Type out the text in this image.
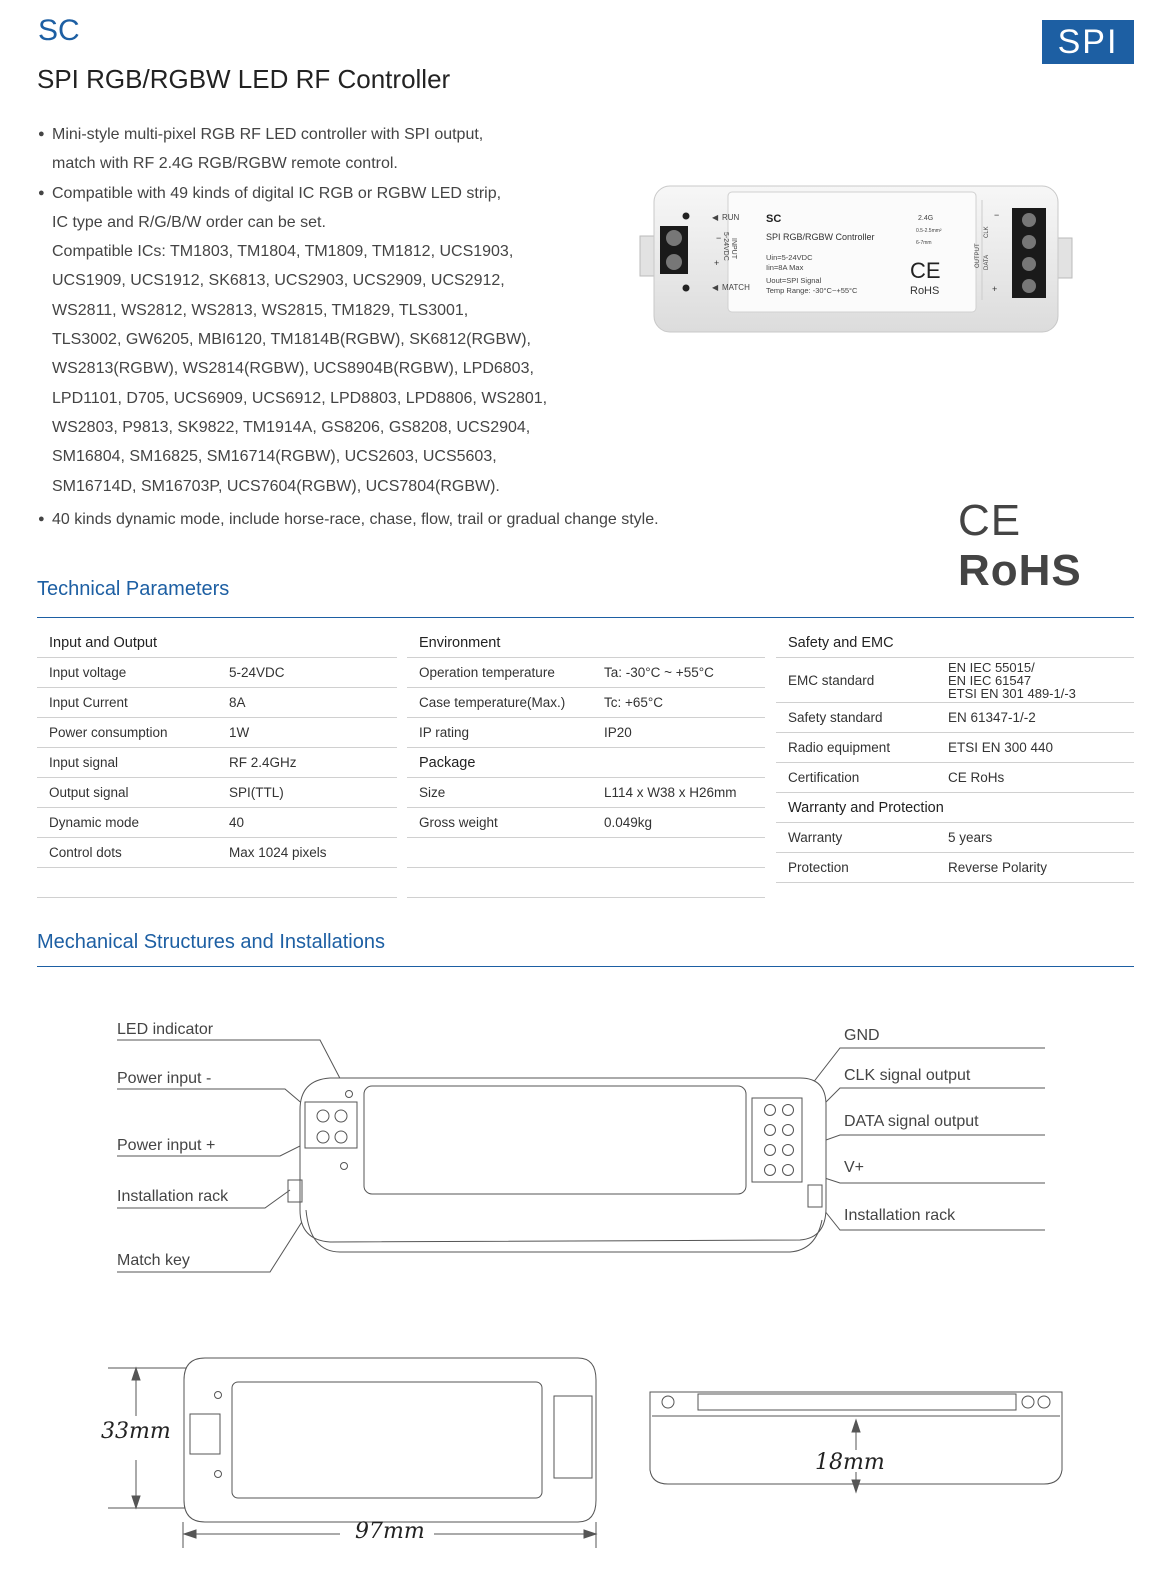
SC	SPI
SPI RGB/RGBW LED RF Controller
● Mini-style multi-pixel RGB RF LED controller with SPI output,
match with RF 2.4G RGB/RGBW remote control.
● Compatible with 49 kinds of digital IC RGB or RGBW LED strip,
IC type and R/G/B/W order can be set.
Compatible ICs: TM1803, TM1804, TM1809, TM1812, UCS1903,
UCS1909, UCS1912, SK6813, UCS2903, UCS2909, UCS2912,
WS2811, WS2812, WS2813, WS2815, TM1829, TLS3001,
TLS3002, GW6205, MBI6120, TM1814B(RGBW), SK6812(RGBW),
WS2813(RGBW), WS2814(RGBW), UCS8904B(RGBW), LPD6803,
LPD1101, D705, UCS6909, UCS6912, LPD8803, LPD8806, WS2801,
WS2803, P9813, SK9822, TM1914A, GS8206, GS8208, UCS2904,
SM16804, SM16825, SM16714(RGBW), UCS2603, UCS5603,
SM16714D, SM16703P, UCS7604(RGBW), UCS7804(RGBW).
● 40 kinds dynamic mode, include horse-race, chase, flow, trail or gradual change style.
◀ RUN
◀ MATCH
−
+
INPUT
5-24VDC
SC
SPI RGB/RGBW Controller
Uin=5-24VDC
Iin=8A Max
Uout=SPI Signal
Temp Range: -30°C~+55°C
2.4G
0.5-2.5mm²
6-7mm
CE
RoHS
−
+
CLK
DATA
OUTPUT
CE  RoHS
Technical Parameters
Input and Output	
Input voltage	5-24VDC
Input Current	8A
Power consumption	1W
Input signal	RF 2.4GHz
Output signal	SPI(TTL)
Dynamic mode	40
Control dots	Max 1024 pixels

Environment	
Operation temperature	Ta: -30°C ~ +55°C
Case temperature(Max.)	Tc: +65°C
IP rating	IP20
Package	
Size	L114 x W38 x H26mm
Gross weight	0.049kg

Safety and EMC	
EMC standard	EN IEC 55015/
EN IEC 61547
ETSI EN 301 489-1/-3

Safety standard	EN 61347-1/-2
Radio equipment	ETSI EN 300 440
Certification	CE RoHs
Warranty and Protection	
Warranty	5 years
Protection	Reverse Polarity
Mechanical Structures and Installations
LED indicator
Power input -
Power input +
Installation rack
Match key
GND
CLK signal output
DATA signal output
V+
Installation rack
33mm
97mm
18mm
